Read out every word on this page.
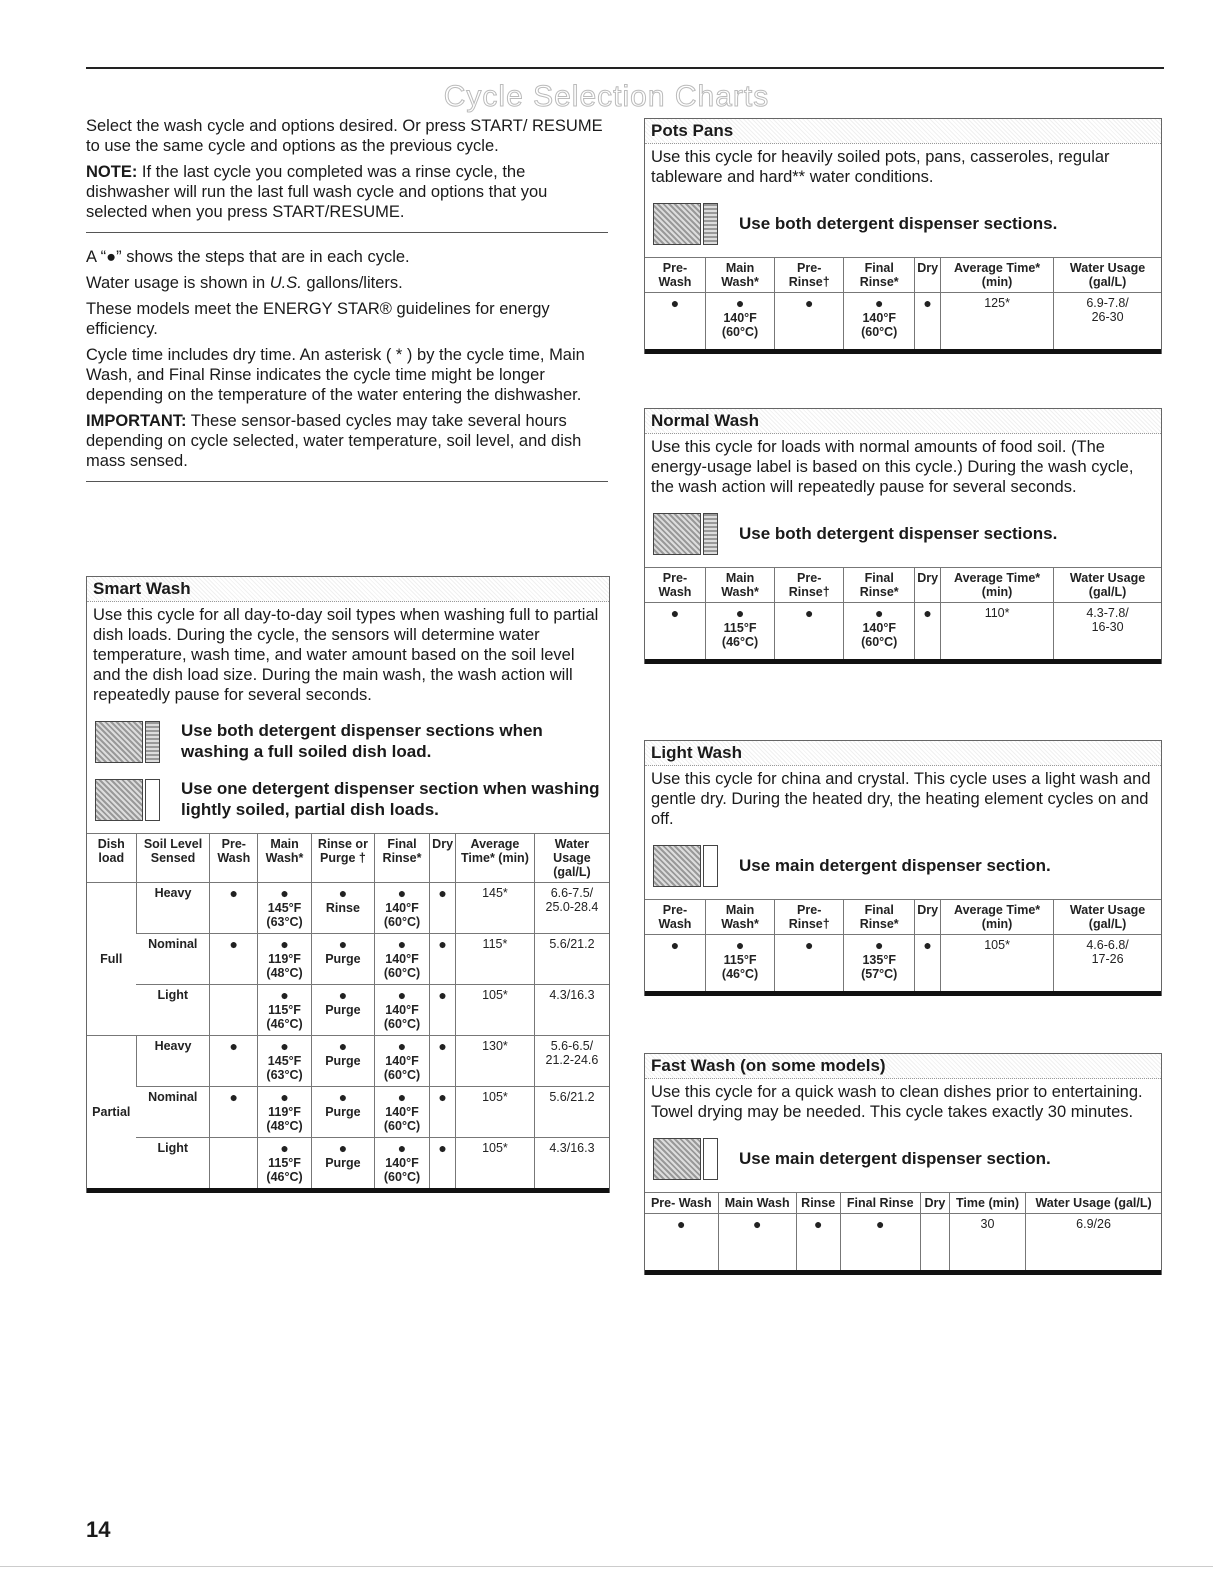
Cycle Selection Charts

Select the wash cycle and options desired. Or press START/ RESUME to use the same cycle and options as the previous cycle.

NOTE: If the last cycle you completed was a rinse cycle, the dishwasher will run the last full wash cycle and options that you selected when you press START/RESUME.

A “●” shows the steps that are in each cycle.

Water usage is shown in U.S. gallons/liters.

These models meet the ENERGY STAR® guidelines for energy efficiency.

Cycle time includes dry time. An asterisk ( * ) by the cycle time, Main Wash, and Final Rinse indicates the cycle time might be longer depending on the temperature of the water entering the dishwasher.

IMPORTANT: These sensor-based cycles may take several hours depending on cycle selected, water temperature, soil level, and dish mass sensed.

Smart Wash
Use this cycle for all day-to-day soil types when washing full to partial dish loads. During the cycle, the sensors will determine water temperature, wash time, and water amount based on the soil level and the dish load size. During the main wash, the wash action will repeatedly pause for several seconds.
Use both detergent dispenser sections when washing a full soiled dish load.
Use one detergent dispenser section when washing lightly soiled, partial dish loads.
Dish load	Soil Level Sensed	Pre- Wash	Main Wash*	Rinse or Purge †	Final Rinse*	Dry	Average Time* (min)	Water Usage (gal/L)
Full	Heavy	●	●
145°F
(63°C)	●
Rinse	●
140°F
(60°C)	●	145*	6.6-7.5/
25.0-28.4
	Nominal	●	●
119°F
(48°C)	●
Purge	●
140°F
(60°C)	●	115*	5.6/21.2
	Light		●
115°F
(46°C)	●
Purge	●
140°F
(60°C)	●	105*	4.3/16.3
Partial	Heavy	●	●
145°F
(63°C)	●
Purge	●
140°F
(60°C)	●	130*	5.6-6.5/
21.2-24.6
	Nominal	●	●
119°F
(48°C)	●
Purge	●
140°F
(60°C)	●	105*	5.6/21.2
	Light		●
115°F
(46°C)	●
Purge	●
140°F
(60°C)	●	105*	4.3/16.3
Pots Pans
Use this cycle for heavily soiled pots, pans, casseroles, regular tableware and hard** water conditions.
Use both detergent dispenser sections.
Pre- Wash	Main Wash*	Pre- Rinse†	Final Rinse*	Dry	Average Time* (min)	Water Usage (gal/L)
●	●
140°F
(60°C)	●	●
140°F
(60°C)	●	125*	6.9-7.8/
26-30
Normal Wash
Use this cycle for loads with normal amounts of food soil. (The energy-usage label is based on this cycle.) During the wash cycle, the wash action will repeatedly pause for several seconds.
Use both detergent dispenser sections.
Pre- Wash	Main Wash*	Pre- Rinse†	Final Rinse*	Dry	Average Time* (min)	Water Usage (gal/L)
●	●
115°F
(46°C)	●	●
140°F
(60°C)	●	110*	4.3-7.8/
16-30
Light Wash
Use this cycle for china and crystal. This cycle uses a light wash and gentle dry. During the heated dry, the heating element cycles on and off.
Use main detergent dispenser section.
Pre- Wash	Main Wash*	Pre- Rinse†	Final Rinse*	Dry	Average Time* (min)	Water Usage (gal/L)
●	●
115°F
(46°C)	●	●
135°F
(57°C)	●	105*	4.6-6.8/
17-26
Fast Wash (on some models)
Use this cycle for a quick wash to clean dishes prior to entertaining. Towel drying may be needed. This cycle takes exactly 30 minutes.
Use main detergent dispenser section.
Pre- Wash	Main Wash	Rinse	Final Rinse	Dry	Time (min)	Water Usage (gal/L)
●	●	●	●		30	6.9/26
14
